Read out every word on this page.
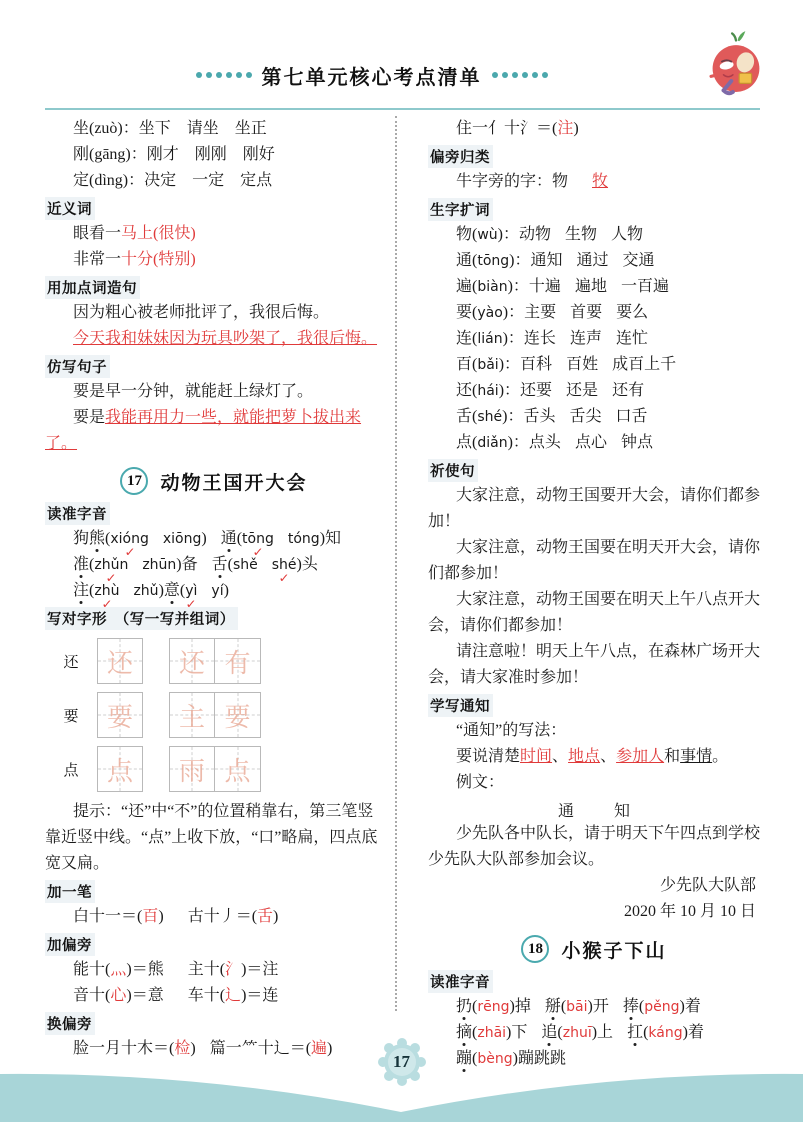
第七单元核心考点清单
坐(zuò)：坐下　请坐　坐正
刚(gāng)：刚才　刚刚　刚好
定(dìng)：决定　一定　定点
近义词
眼看一马上(很快)
非常一十分(特别)
用加点词造句
因为粗心被老师批评了，我很后悔。
今天我和妹妹因为玩具吵架了，我很后悔。
仿写句子
要是早一分钟，就能赶上绿灯了。
要是我能再用力一些，就能把萝卜拔出来了。
17 动物王国开大会
读准字音
狗熊(xióng ✓ xiōng) 通(tōng ✓ tóng)知
准(zhǔn ✓ zhūn)备 舌(shě shé ✓)头
注(zhù ✓ zhǔ)意(yì ✓ yí)
写对字形　（写一写并组词）
还	还 还 有
要	要 主 要
点	点 雨 点
提示：“还”中“不”的位置稍靠右，第三笔竖靠近竖中线。“点”上收下放，“口”略扁，四点底宽又扁。
加一笔
白十一＝(百) 古十丿＝(舌)
加偏旁
能十(灬)＝熊 主十(氵)＝注
音十(心)＝意 车十(辶)＝连
换偏旁
脸一月十木＝(检) 篇一⺮十辶＝(遍)
住一亻十氵＝(注)
偏旁归类
牛字旁的字：物 牧
生字扩词
物(wù)：动物 生物 人物
通(tōng)：通知 通过 交通
遍(biàn)：十遍 遍地 一百遍
要(yào)：主要 首要 要么
连(lián)：连长 连声 连忙
百(bǎi)：百科 百姓 成百上千
还(hái)：还要 还是 还有
舌(shé)：舌头 舌尖 口舌
点(diǎn)：点头 点心 钟点
祈使句
大家注意，动物王国要开大会，请你们都参加！
大家注意，动物王国要在明天开大会，请你们都参加！
大家注意，动物王国要在明天上午八点开大会，请你们都参加！
请注意啦！明天上午八点，在森林广场开大会，请大家准时参加！
学写通知
“通知”的写法：
要说清楚时间、地点、参加人和事情。
例文：
通　知
少先队各中队长，请于明天下午四点到学校少先队大队部参加会议。
少先队大队部
2020 年 10 月 10 日
18 小猴子下山
读准字音
扔(rēng)掉 掰(bāi)开 捧(pěng)着
摘(zhāi)下 追(zhuī)上 扛(káng)着
蹦(bèng)蹦跳跳
17
